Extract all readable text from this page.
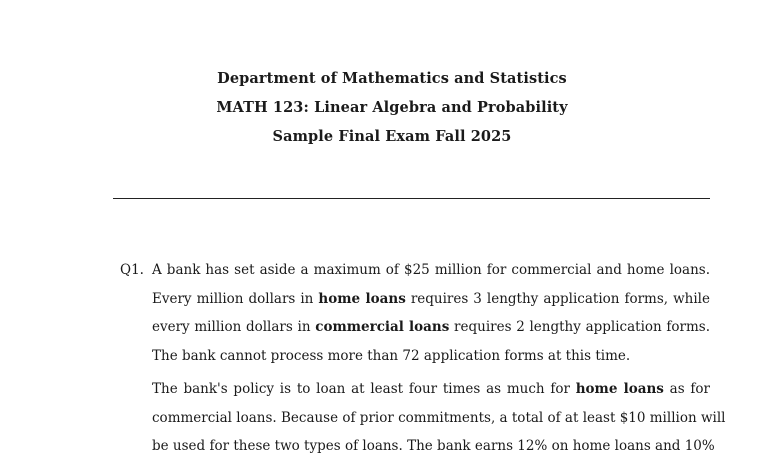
Department of Mathematics and Statistics
MATH 123: Linear Algebra and Probability
Sample Final Exam Fall 2025
Q1. A bank has set aside a maximum of $25 million for commercial and home loans.
Every million dollars in home loans requires 3 lengthy application forms, while
every million dollars in commercial loans requires 2 lengthy application forms.
The bank cannot process more than 72 application forms at this time.
The bank's policy is to loan at least four times as much for home loans as for
commercial loans. Because of prior commitments, a total of at least $10 million will
be used for these two types of loans. The bank earns 12% on home loans and 10%
